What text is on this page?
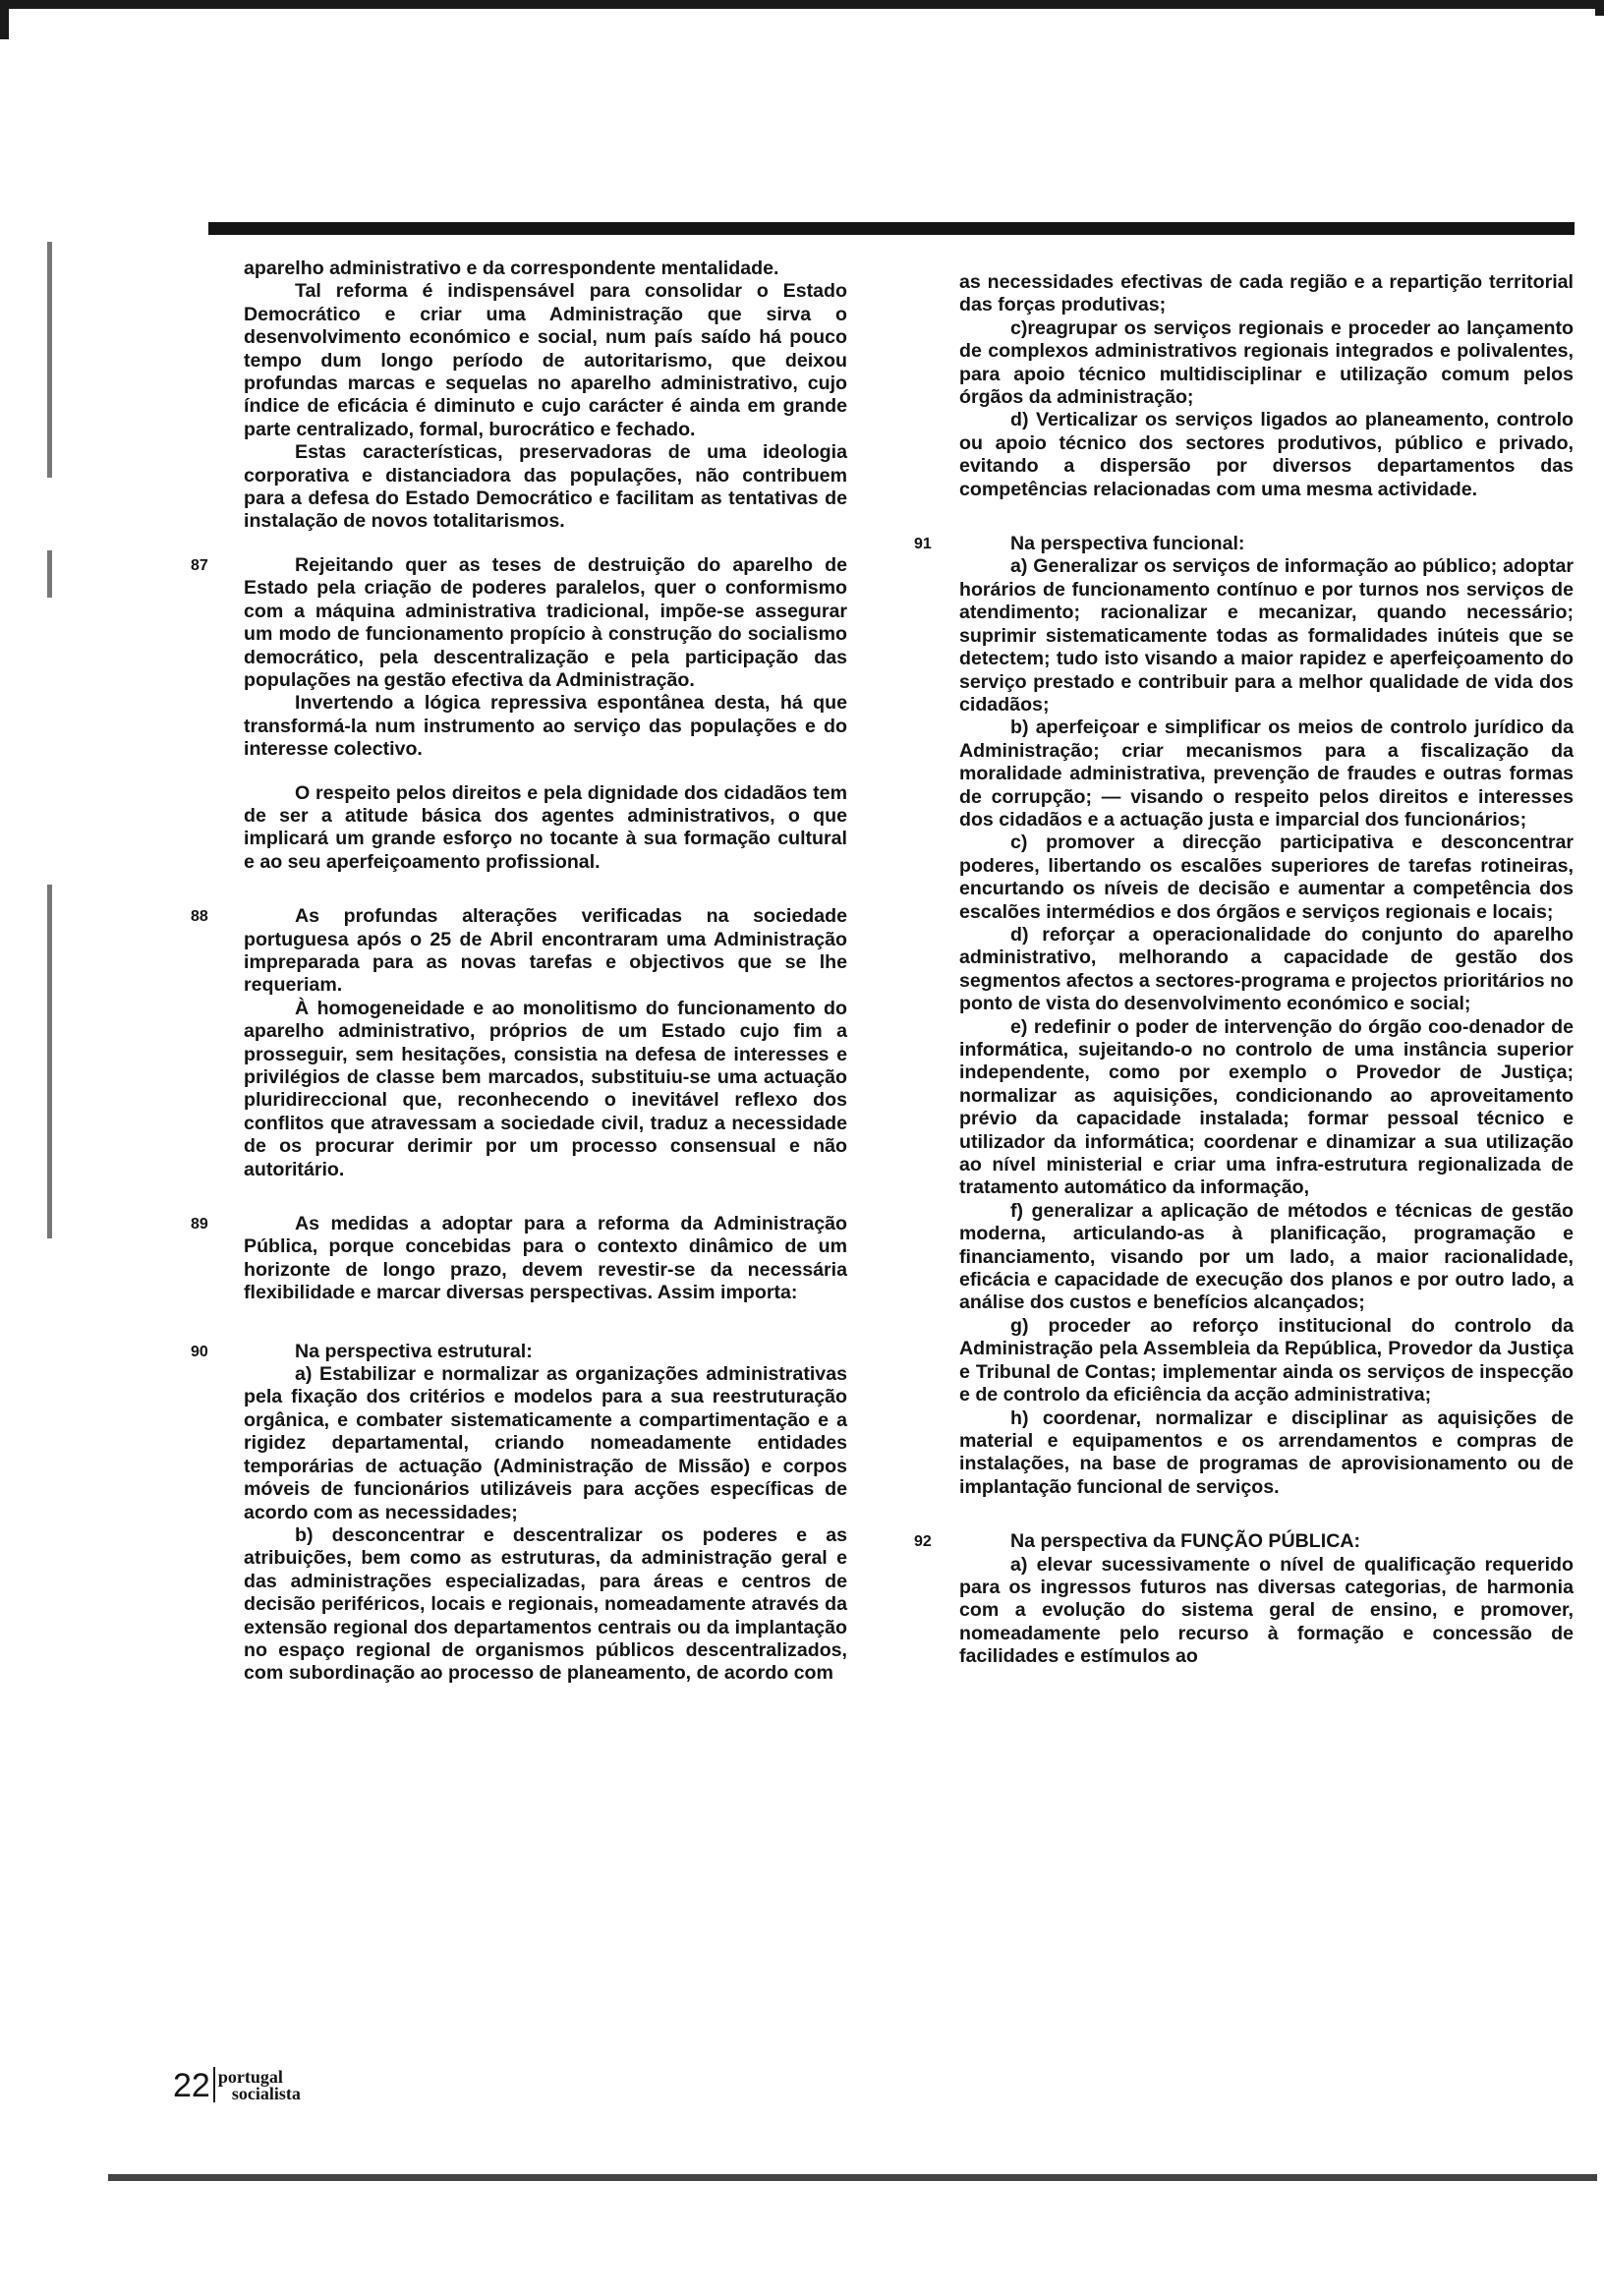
aparelho administrativo e da correspondente mentalidade.

Tal reforma é indispensável para consolidar o Estado Democrático e criar uma Administração que sirva o desenvolvimento económico e social, num país saído há pouco tempo dum longo período de autoritarismo, que deixou profundas marcas e sequelas no aparelho administrativo, cujo índice de eficácia é diminuto e cujo carácter é ainda em grande parte centralizado, formal, burocrático e fechado.

Estas características, preservadoras de uma ideologia corporativa e distanciadora das populações, não contribuem para a defesa do Estado Democrático e facilitam as tentativas de instalação de novos totalitarismos.

87	Rejeitando quer as teses de destruição do aparelho de Estado pela criação de poderes paralelos, quer o conformismo com a máquina administrativa tradicional, impõe-se assegurar um modo de funcionamento propício à construção do socialismo democrático, pela descentralização e pela participação das populações na gestão efectiva da Administração.

Invertendo a lógica repressiva espontânea desta, há que transformá-la num instrumento ao serviço das populações e do interesse colectivo.

O respeito pelos direitos e pela dignidade dos cidadãos tem de ser a atitude básica dos agentes administrativos, o que implicará um grande esforço no tocante à sua formação cultural e ao seu aperfeiçoamento profissional.

88	As profundas alterações verificadas na sociedade portuguesa após o 25 de Abril encontraram uma Administração impreparada para as novas tarefas e objectivos que se lhe requeriam.

À homogeneidade e ao monolitismo do funcionamento do aparelho administrativo, próprios de um Estado cujo fim a prosseguir, sem hesitações, consistia na defesa de interesses e privilégios de classe bem marcados, substituiu-se uma actuação pluridireccional que, reconhecendo o inevitável reflexo dos conflitos que atravessam a sociedade civil, traduz a necessidade de os procurar derimir por um processo consensual e não autoritário.

89	As medidas a adoptar para a reforma da Administração Pública, porque concebidas para o contexto dinâmico de um horizonte de longo prazo, devem revestir-se da necessária flexibilidade e marcar diversas perspectivas. Assim importa:

90	Na perspectiva estrutural:

a) Estabilizar e normalizar as organizações administrativas pela fixação dos critérios e modelos para a sua reestruturação orgânica, e combater sistematicamente a compartimentação e a rigidez departamental, criando nomeadamente entidades temporárias de actuação (Administração de Missão) e corpos móveis de funcionários utilizáveis para acções específicas de acordo com as necessidades;

b) desconcentrar e descentralizar os poderes e as atribuições, bem como as estruturas, da administração geral e das administrações especializadas, para áreas e centros de decisão periféricos, locais e regionais, nomeadamente através da extensão regional dos departamentos centrais ou da implantação no espaço regional de organismos públicos descentralizados, com subordinação ao processo de planeamento, de acordo com

as necessidades efectivas de cada região e a repartição territorial das forças produtivas;

c)reagrupar os serviços regionais e proceder ao lançamento de complexos administrativos regionais integrados e polivalentes, para apoio técnico multidisciplinar e utilização comum pelos órgãos da administração;

d) Verticalizar os serviços ligados ao planeamento, controlo ou apoio técnico dos sectores produtivos, público e privado, evitando a dispersão por diversos departamentos das competências relacionadas com uma mesma actividade.

91	Na perspectiva funcional:

a) Generalizar os serviços de informação ao público; adoptar horários de funcionamento contínuo e por turnos nos serviços de atendimento; racionalizar e mecanizar, quando necessário; suprimir sistematicamente todas as formalidades inúteis que se detectem; tudo isto visando a maior rapidez e aperfeiçoamento do serviço prestado e contribuir para a melhor qualidade de vida dos cidadãos;

b) aperfeiçoar e simplificar os meios de controlo jurídico da Administração; criar mecanismos para a fiscalização da moralidade administrativa, prevenção de fraudes e outras formas de corrupção; — visando o respeito pelos direitos e interesses dos cidadãos e a actuação justa e imparcial dos funcionários;

c) promover a direcção participativa e desconcentrar poderes, libertando os escalões superiores de tarefas rotineiras, encurtando os níveis de decisão e aumentar a competência dos escalões intermédios e dos órgãos e serviços regionais e locais;

d) reforçar a operacionalidade do conjunto do aparelho administrativo, melhorando a capacidade de gestão dos segmentos afectos a sectores-programa e projectos prioritários no ponto de vista do desenvolvimento económico e social;

e) redefinir o poder de intervenção do órgão coo-denador de informática, sujeitando-o no controlo de uma instância superior independente, como por exemplo o Provedor de Justiça; normalizar as aquisições, condicionando ao aproveitamento prévio da capacidade instalada; formar pessoal técnico e utilizador da informática; coordenar e dinamizar a sua utilização ao nível ministerial e criar uma infra-estrutura regionalizada de tratamento automático da informação,

f) generalizar a aplicação de métodos e técnicas de gestão moderna, articulando-as à planificação, programação e financiamento, visando por um lado, a maior racionalidade, eficácia e capacidade de execução dos planos e por outro lado, a análise dos custos e benefícios alcançados;

g) proceder ao reforço institucional do controlo da Administração pela Assembleia da República, Provedor da Justiça e Tribunal de Contas; implementar ainda os serviços de inspecção e de controlo da eficiência da acção administrativa;

h) coordenar, normalizar e disciplinar as aquisições de material e equipamentos e os arrendamentos e compras de instalações, na base de programas de aprovisionamento ou de implantação funcional de serviços.

92	Na perspectiva da FUNÇÃO PÚBLICA:

a) elevar sucessivamente o nível de qualificação requerido para os ingressos futuros nas diversas categorias, de harmonia com a evolução do sistema geral de ensino, e promover, nomeadamente pelo recurso à formação e concessão de facilidades e estímulos ao

22 portugal
socialista
